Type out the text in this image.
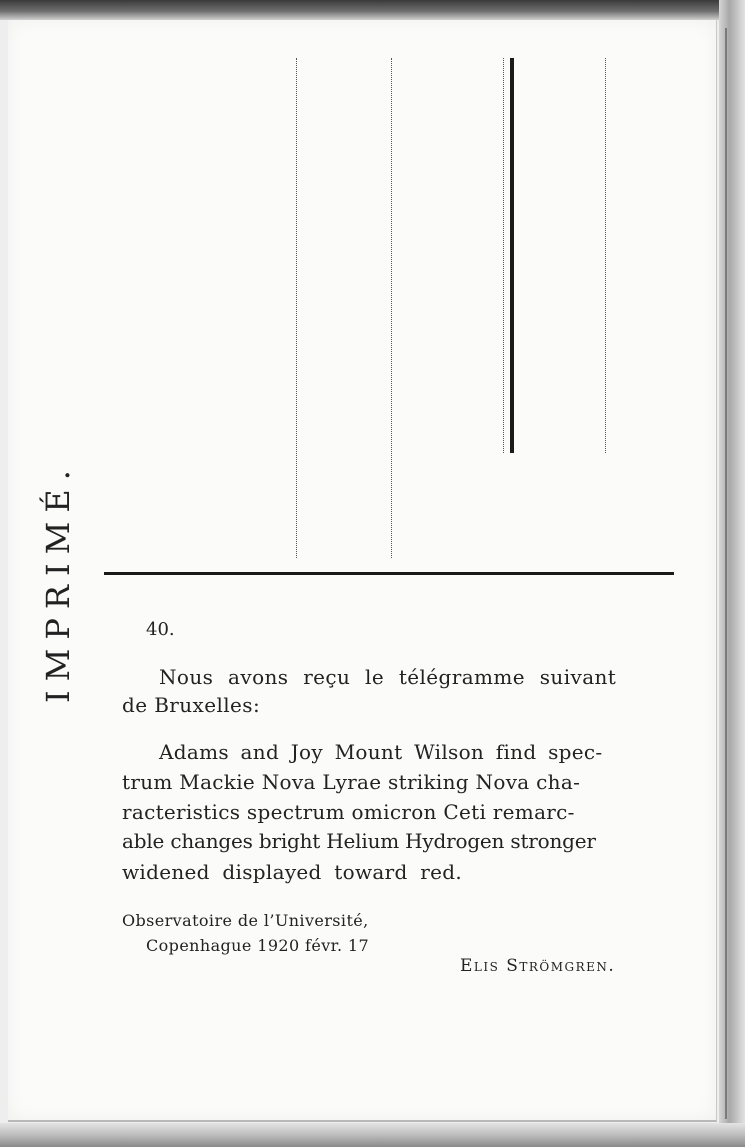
IMPRIMÉ.	40.
Nous avons reçu le télégramme suivant
de Bruxelles:
Adams and Joy Mount Wilson find spec-
trum Mackie Nova Lyrae striking Nova cha-
racteristics spectrum omicron Ceti remarc-
able changes bright Helium Hydrogen stronger
widened displayed toward red.
Observatoire de l’Université,
Copenhague 1920 févr. 17
Elis Strömgren.
